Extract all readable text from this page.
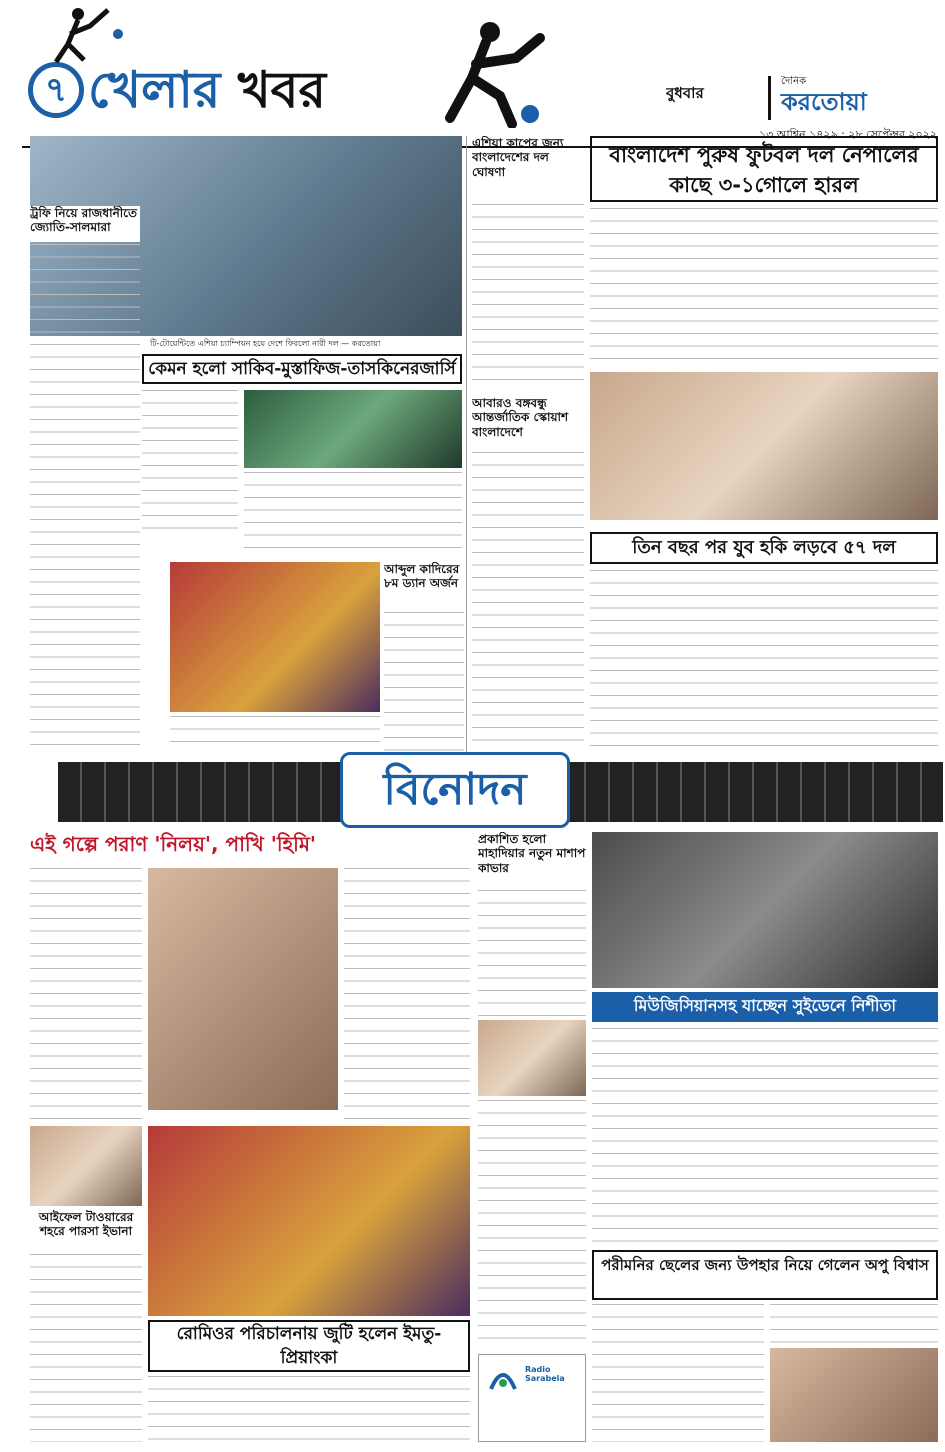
৭ খেলার খবর	বুধবার
দৈনিক
করতোয়া
১৩ আশ্বিন ১৪২৯ : ২৮ সেপ্টেম্বর ২০২২
ট্রফি নিয়ে রাজধানীতে জ্যোতি-সালমারা
টি-টোয়েন্টিতে এশিয়া চ্যাম্পিয়ন হয়ে দেশে ফিরলো নারী দল — করতোয়া
কেমন হলো সাকিব-মুস্তাফিজ-তাসকিনেরজার্সি
আব্দুল কাদিরের ৮ম ড্যান অর্জন
এশিয়া কাপের জন্য বাংলাদেশের দল ঘোষণা
আবারও বঙ্গবন্ধু আন্তর্জাতিক স্কোয়াশ বাংলাদেশে
বাংলাদেশ পুরুষ ফুটবল দল নেপালের কাছে ৩-১গোলে হারল
তিন বছর পর যুব হকি লড়বে ৫৭ দল
বিনোদন
এই গল্পে পরাণ 'নিলয়', পাখি 'হিমি'
আইফেল টাওয়ারের শহরে পারসা ইভানা
রোমিওর পরিচালনায় জুটি হলেন ইমতু-প্রিয়াংকা
প্রকাশিত হলো মাহাদিয়ার নতুন মাশাপ কাভার
Radio Sarabela
মিউজিসিয়ানসহ যাচ্ছেন সুইডেনে নিশীতা
পরীমনির ছেলের জন্য উপহার নিয়ে গেলেন অপু বিশ্বাস
